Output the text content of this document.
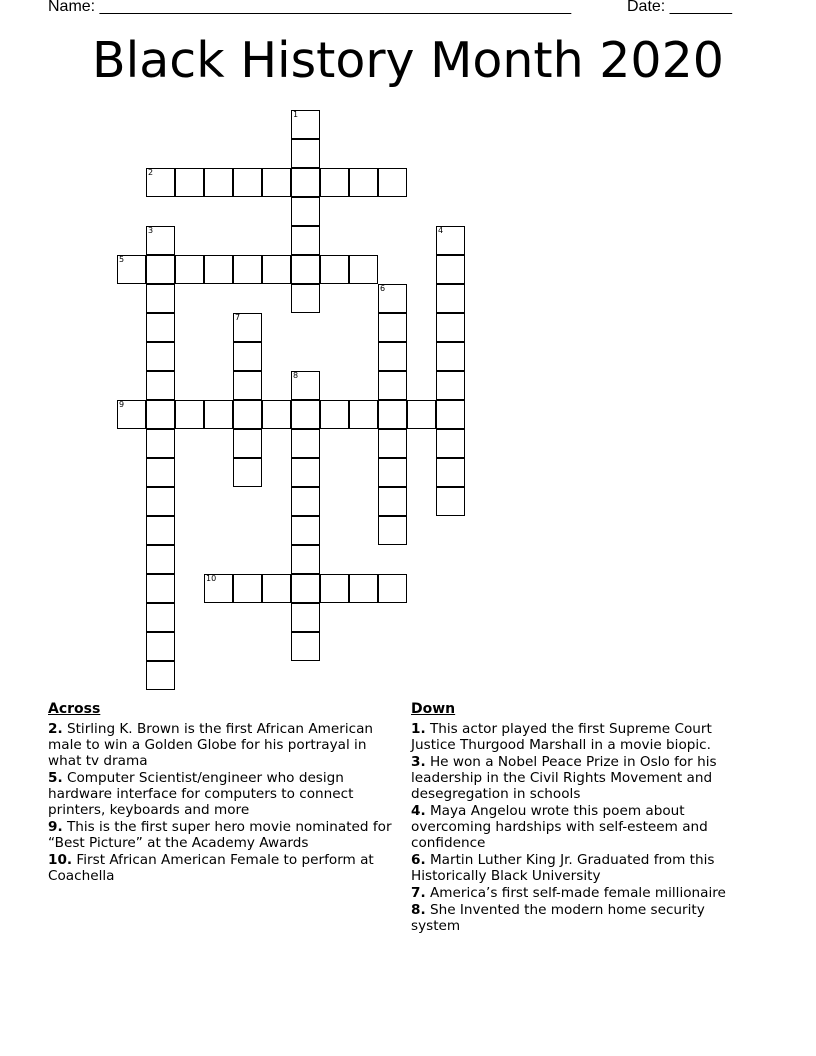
Name: _____________________________________________________	Date: _______
Black History Month 2020
1
2
3	4
5
6
7
8
9
10
Across
2. Stirling K. Brown is the first African American male to win a Golden Globe for his portrayal in what tv drama
5. Computer Scientist/engineer who design hardware interface for computers to connect printers, keyboards and more
9. This is the first super hero movie nominated for “Best Picture” at the Academy Awards
10. First African American Female to perform at Coachella
Down
1. This actor played the first Supreme Court Justice Thurgood Marshall in a movie biopic.
3. He won a Nobel Peace Prize in Oslo for his leadership in the Civil Rights Movement and desegregation in schools
4. Maya Angelou wrote this poem about overcoming hardships with self-esteem and confidence
6. Martin Luther King Jr. Graduated from this Historically Black University
7. America’s first self-made female millionaire
8. She Invented the modern home security system
